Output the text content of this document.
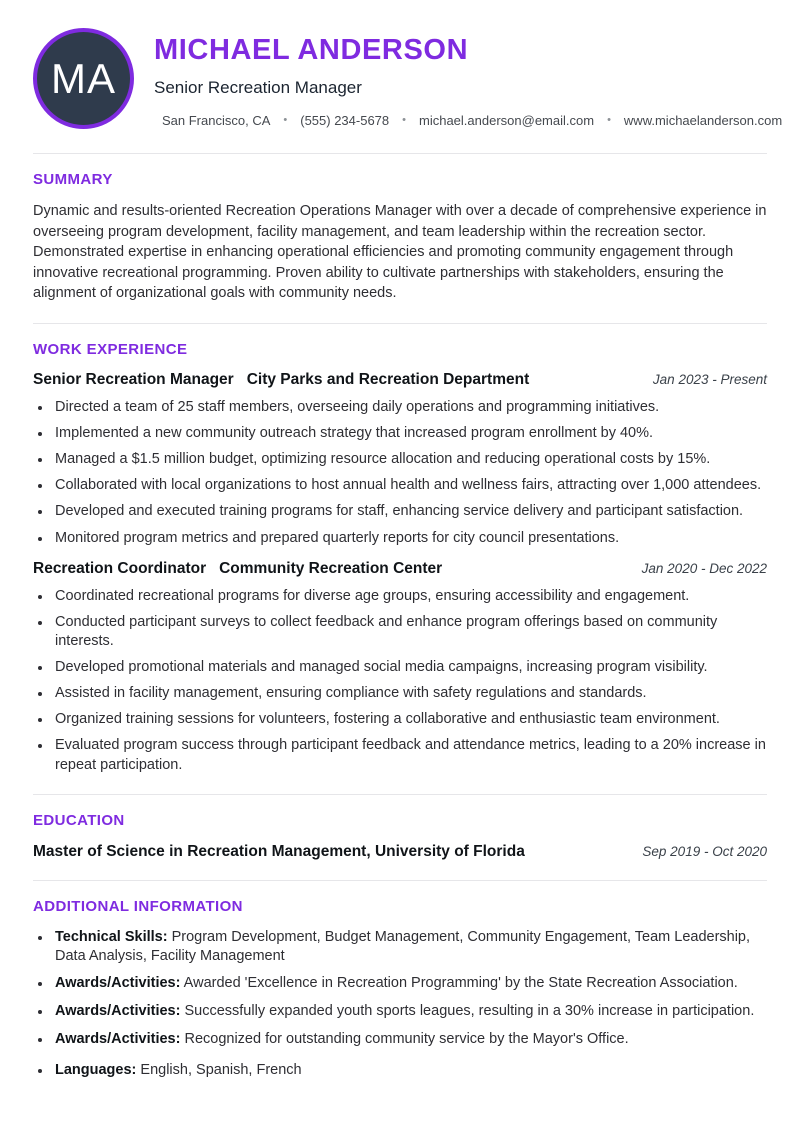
MA
MICHAEL ANDERSON
Senior Recreation Manager
San Francisco, CA • (555) 234-5678 • michael.anderson@email.com • www.michaelanderson.com
SUMMARY

Dynamic and results-oriented Recreation Operations Manager with over a decade of comprehensive experience in overseeing program development, facility management, and team leadership within the recreation sector. Demonstrated expertise in enhancing operational efficiencies and promoting community engagement through innovative recreational programming. Proven ability to cultivate partnerships with stakeholders, ensuring the alignment of organizational goals with community needs.

WORK EXPERIENCE
Senior Recreation Manager City Parks and Recreation Department	Jan 2023 - Present
• Directed a team of 25 staff members, overseeing daily operations and programming initiatives.
• Implemented a new community outreach strategy that increased program enrollment by 40%.
• Managed a $1.5 million budget, optimizing resource allocation and reducing operational costs by 15%.
• Collaborated with local organizations to host annual health and wellness fairs, attracting over 1,000 attendees.
• Developed and executed training programs for staff, enhancing service delivery and participant satisfaction.
• Monitored program metrics and prepared quarterly reports for city council presentations.
Recreation Coordinator Community Recreation Center	Jan 2020 - Dec 2022
• Coordinated recreational programs for diverse age groups, ensuring accessibility and engagement.
• Conducted participant surveys to collect feedback and enhance program offerings based on community interests.
• Developed promotional materials and managed social media campaigns, increasing program visibility.
• Assisted in facility management, ensuring compliance with safety regulations and standards.
• Organized training sessions for volunteers, fostering a collaborative and enthusiastic team environment.
• Evaluated program success through participant feedback and attendance metrics, leading to a 20% increase in repeat participation.
EDUCATION
Master of Science in Recreation Management, University of Florida	Sep 2019 - Oct 2020
ADDITIONAL INFORMATION
• Technical Skills: Program Development, Budget Management, Community Engagement, Team Leadership, Data Analysis, Facility Management
• Awards/Activities: Awarded 'Excellence in Recreation Programming' by the State Recreation Association.
• Awards/Activities: Successfully expanded youth sports leagues, resulting in a 30% increase in participation.
• Awards/Activities: Recognized for outstanding community service by the Mayor's Office.
• Languages: English, Spanish, French
